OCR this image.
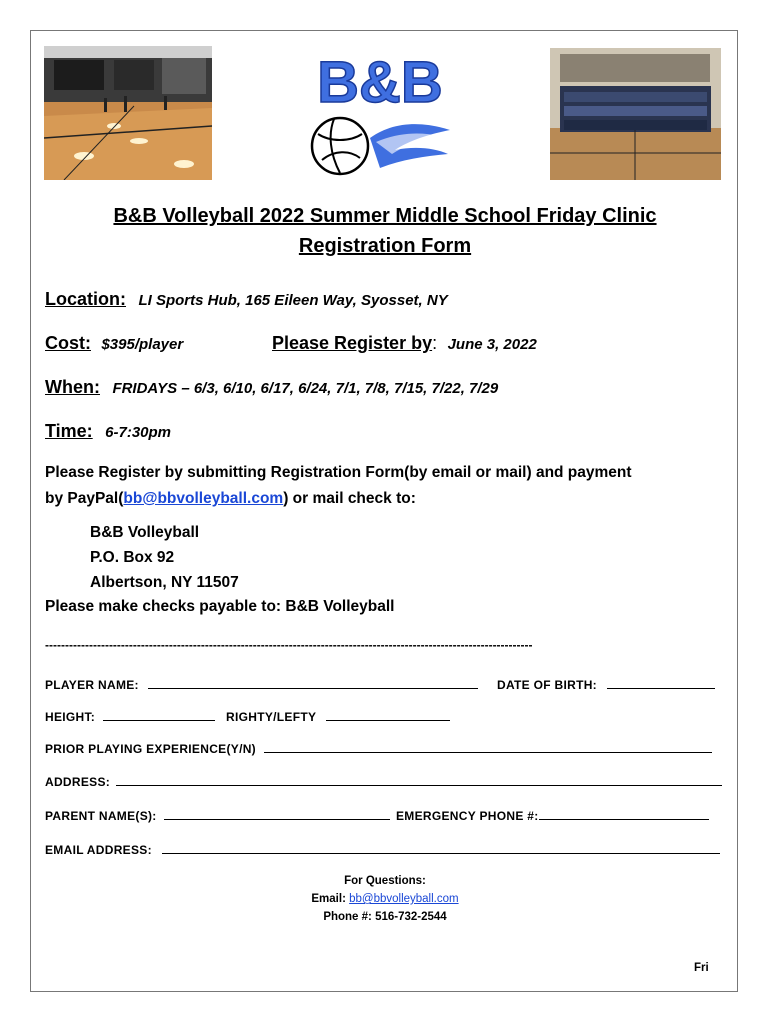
B&B
B&B Volleyball 2022 Summer Middle School Friday Clinic
Registration Form
Location: LI Sports Hub, 165 Eileen Way, Syosset, NY
Cost: $395/player	Please Register by: June 3, 2022
When: FRIDAYS – 6/3, 6/10, 6/17, 6/24, 7/1, 7/8, 7/15, 7/22, 7/29
Time: 6-7:30pm
Please Register by submitting Registration Form(by email or mail) and payment
by PayPal(bb@bbvolleyball.com) or mail check to:
B&B Volleyball
P.O. Box 92
Albertson, NY 11507
Please make checks payable to: B&B Volleyball
--------------------------------------------------------------------------------------------------------------------------
PLAYER NAME:	DATE OF BIRTH:
HEIGHT:	RIGHTY/LEFTY
PRIOR PLAYING EXPERIENCE(Y/N)
ADDRESS:
PARENT NAME(S):	EMERGENCY PHONE #:
EMAIL ADDRESS:
For Questions:
Email: bb@bbvolleyball.com
Phone #: 516-732-2544
Fri
